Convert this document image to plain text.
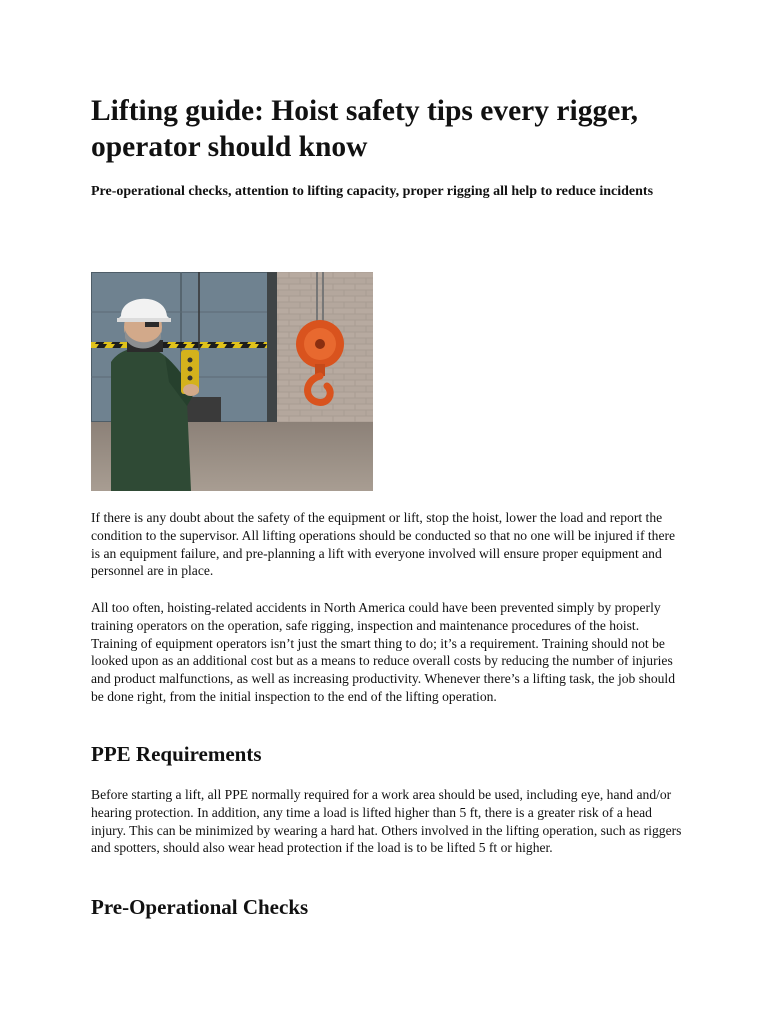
Lifting guide: Hoist safety tips every rigger, operator should know

Pre-operational checks, attention to lifting capacity, proper rigging all help to reduce incidents

If there is any doubt about the safety of the equipment or lift, stop the hoist, lower the load and report the condition to the supervisor. All lifting operations should be conducted so that no one will be injured if there is an equipment failure, and pre-planning a lift with everyone involved will ensure proper equipment and personnel are in place.

All too often, hoisting-related accidents in North America could have been prevented simply by properly training operators on the operation, safe rigging, inspection and maintenance procedures of the hoist. Training of equipment operators isn’t just the smart thing to do; it’s a requirement. Training should not be looked upon as an additional cost but as a means to reduce overall costs by reducing the number of injuries and product malfunctions, as well as increasing productivity. Whenever there’s a lifting task, the job should be done right, from the initial inspection to the end of the lifting operation.

PPE Requirements

Before starting a lift, all PPE normally required for a work area should be used, including eye, hand and/or hearing protection. In addition, any time a load is lifted higher than 5 ft, there is a greater risk of a head injury. This can be minimized by wearing a hard hat. Others involved in the lifting operation, such as riggers and spotters, should also wear head protection if the load is to be lifted 5 ft or higher.

Pre-Operational Checks
